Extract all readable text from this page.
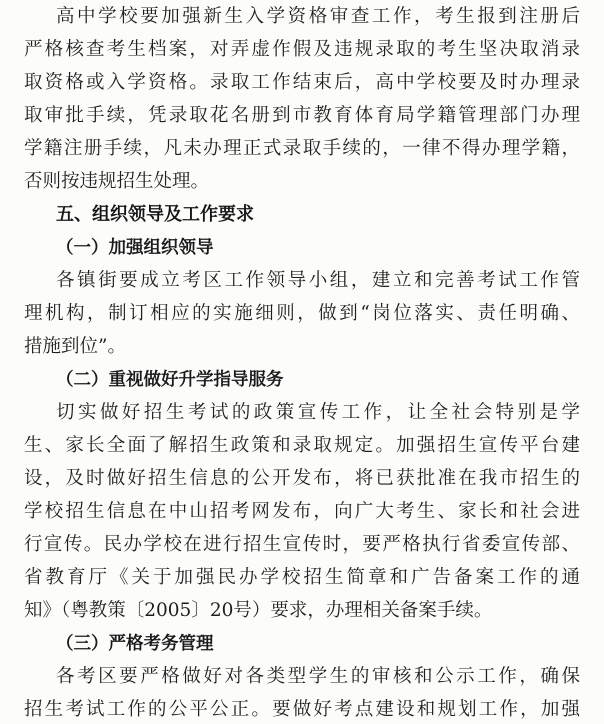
高中学校要加强新生入学资格审查工作，考生报到注册后
严格核查考生档案，对弄虚作假及违规录取的考生坚决取消录
取资格或入学资格。录取工作结束后，高中学校要及时办理录
取审批手续，凭录取花名册到市教育体育局学籍管理部门办理
学籍注册手续，凡未办理正式录取手续的，一律不得办理学籍，
否则按违规招生处理。
五、组织领导及工作要求
（一）加强组织领导
各镇街要成立考区工作领导小组，建立和完善考试工作管
理机构，制订相应的实施细则，做到“岗位落实、责任明确、
措施到位”。
（二）重视做好升学指导服务
切实做好招生考试的政策宣传工作，让全社会特别是学
生、家长全面了解招生政策和录取规定。加强招生宣传平台建
设，及时做好招生信息的公开发布，将已获批准在我市招生的
学校招生信息在中山招考网发布，向广大考生、家长和社会进
行宣传。民办学校在进行招生宣传时，要严格执行省委宣传部、
省教育厅《关于加强民办学校招生简章和广告备案工作的通
知》（粤教策〔2005〕20号）要求，办理相关备案手续。
（三）严格考务管理
各考区要严格做好对各类型学生的审核和公示工作，确保
招生考试工作的公平公正。要做好考点建设和规划工作，加强
